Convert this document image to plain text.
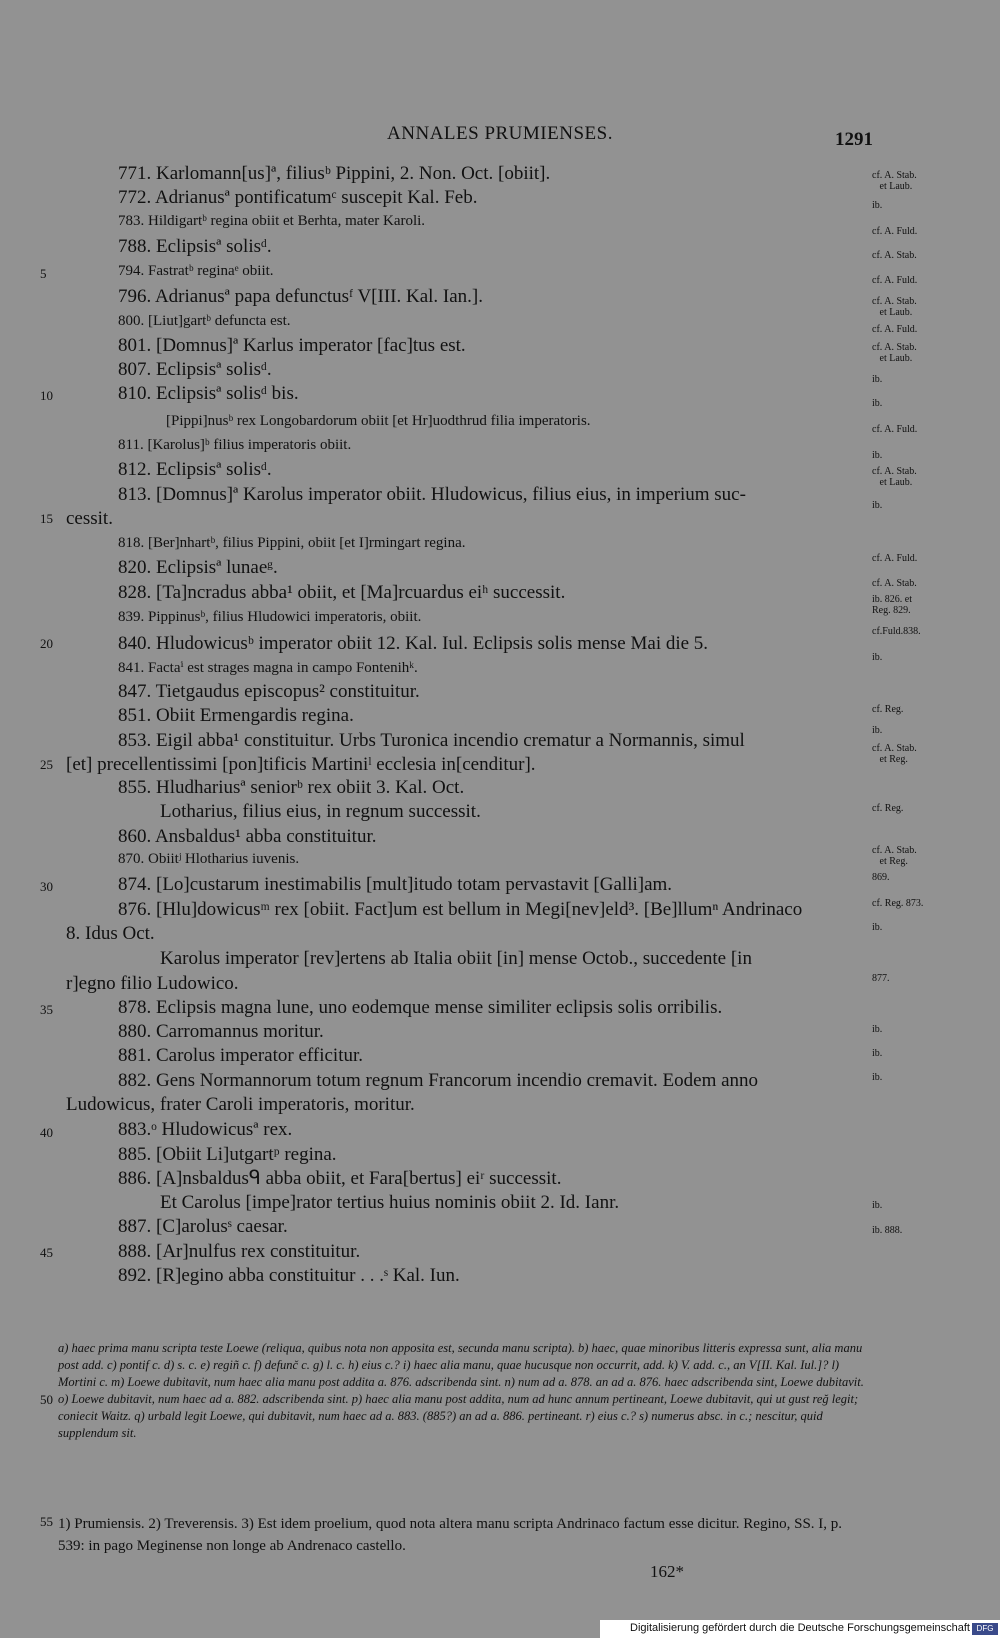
ANNALES PRUMIENSES.	1291
771. Karlomann[us]ª, filiusᵇ Pippini, 2. Non. Oct. [obiit].
772. Adrianusª pontificatumᶜ suscepit Kal. Feb.
783. Hildigartᵇ regina obiit et Berhta, mater Karoli.
788. Eclipsisª solisᵈ.
794. Fastratᵇ reginaᵉ obiit.
796. Adrianusª papa defunctusᶠ V[III. Kal. Ian.].
800. [Liut]gartᵇ defuncta est.
801. [Domnus]ª Karlus imperator [fac]tus est.
807. Eclipsisª solisᵈ.
810. Eclipsisª solisᵈ bis.
[Pippi]nusᵇ rex Longobardorum obiit [et Hr]uodthrud filia imperatoris.
811. [Karolus]ᵇ filius imperatoris obiit.
812. Eclipsisª solisᵈ.
813. [Domnus]ª Karolus imperator obiit. Hludowicus, filius eius, in imperium suc-
cessit.
818. [Ber]nhartᵇ, filius Pippini, obiit [et I]rmingart regina.
820. Eclipsisª lunaeᵍ.
828. [Ta]ncradus abba¹ obiit, et [Ma]rcuardus eiʰ successit.
839. Pippinusᵇ, filius Hludowici imperatoris, obiit.
840. Hludowicusᵇ imperator obiit 12. Kal. Iul. Eclipsis solis mense Mai die 5.
841. Factaⁱ est strages magna in campo Fontenihᵏ.
847. Tietgaudus episcopus² constituitur.
851. Obiit Ermengardis regina.
853. Eigil abba¹ constituitur. Urbs Turonica incendio crematur a Normannis, simul
[et] precellentissimi [pon]tificis Martiniˡ ecclesia in[cenditur].
855. Hludhariusª seniorᵇ rex obiit 3. Kal. Oct.
Lotharius, filius eius, in regnum successit.
860. Ansbaldus¹ abba constituitur.
870. Obiitʲ Hlotharius iuvenis.
874. [Lo]custarum inestimabilis [mult]itudo totam pervastavit [Galli]am.
876. [Hlu]dowicusᵐ rex [obiit. Fact]um est bellum in Megi[nev]eld³. [Be]llumⁿ Andrinaco
8. Idus Oct.
Karolus imperator [rev]ertens ab Italia obiit [in] mense Octob., succedente [in
r]egno filio Ludowico.
878. Eclipsis magna lune, uno eodemque mense similiter eclipsis solis orribilis.
880. Carromannus moritur.
881. Carolus imperator efficitur.
882. Gens Normannorum totum regnum Francorum incendio cremavit. Eodem anno
Ludowicus, frater Caroli imperatoris, moritur.
883.ᵒ Hludowicusª rex.
885. [Obiit Li]utgartᵖ regina.
886. [A]nsbaldusᑫ abba obiit, et Fara[bertus] eiʳ successit.
Et Carolus [impe]rator tertius huius nominis obiit 2. Id. Ianr.
887. [C]arolusˢ caesar.
888. [Ar]nulfus rex constituitur.
892. [R]egino abba constituitur . . .ˢ Kal. Iun.
5
10
15
20
25
30
35
40
45
50
55
cf. A. Stab.
et Laub.
ib.
cf. A. Fuld.
cf. A. Stab.
cf. A. Fuld.
cf. A. Stab.
et Laub.
cf. A. Fuld.
cf. A. Stab.
et Laub.
ib.
ib.
cf. A. Fuld.
ib.
cf. A. Stab.
et Laub.
ib.
cf. A. Fuld.
cf. A. Stab.
ib. 826. et
Reg. 829.
cf.Fuld.838.
ib.
cf. Reg.
ib.
cf. A. Stab.
et Reg.
cf. Reg.
cf. A. Stab.
et Reg.
869.
cf. Reg. 873.
ib.
877.
ib.
ib.
ib.
ib.
ib. 888.
a) haec prima manu scripta teste Loewe (reliqua, quibus nota non apposita est, secunda manu scripta). b) haec, quae minoribus litteris expressa sunt, alia manu post add. c) pontif c. d) s. c. e) regiñ c. f) defunč c. g) l. c. h) eius c.? i) haec alia manu, quae hucusque non occurrit, add. k) V. add. c., an V[II. Kal. Iul.]? l) Mortini c. m) Loewe dubitavit, num haec alia manu post addita a. 876. adscribenda sint. n) num ad a. 878. an ad a. 876. haec adscribenda sint, Loewe dubitavit. o) Loewe dubitavit, num haec ad a. 882. adscribenda sint. p) haec alia manu post addita, num ad hunc annum pertineant, Loewe dubitavit, qui ut gust reğ legit; coniecit Waitz. q) urbald legit Loewe, qui dubitavit, num haec ad a. 883. (885?) an ad a. 886. pertineant. r) eius c.? s) numerus absc. in c.; nescitur, quid supplendum sit.
1) Prumiensis. 2) Treverensis. 3) Est idem proelium, quod nota altera manu scripta Andrinaco factum esse dicitur. Regino, SS. I, p. 539: in pago Meginense non longe ab Andrenaco castello.
162*
Digitalisierung gefördert durch die Deutsche Forschungsgemeinschaft DFG
